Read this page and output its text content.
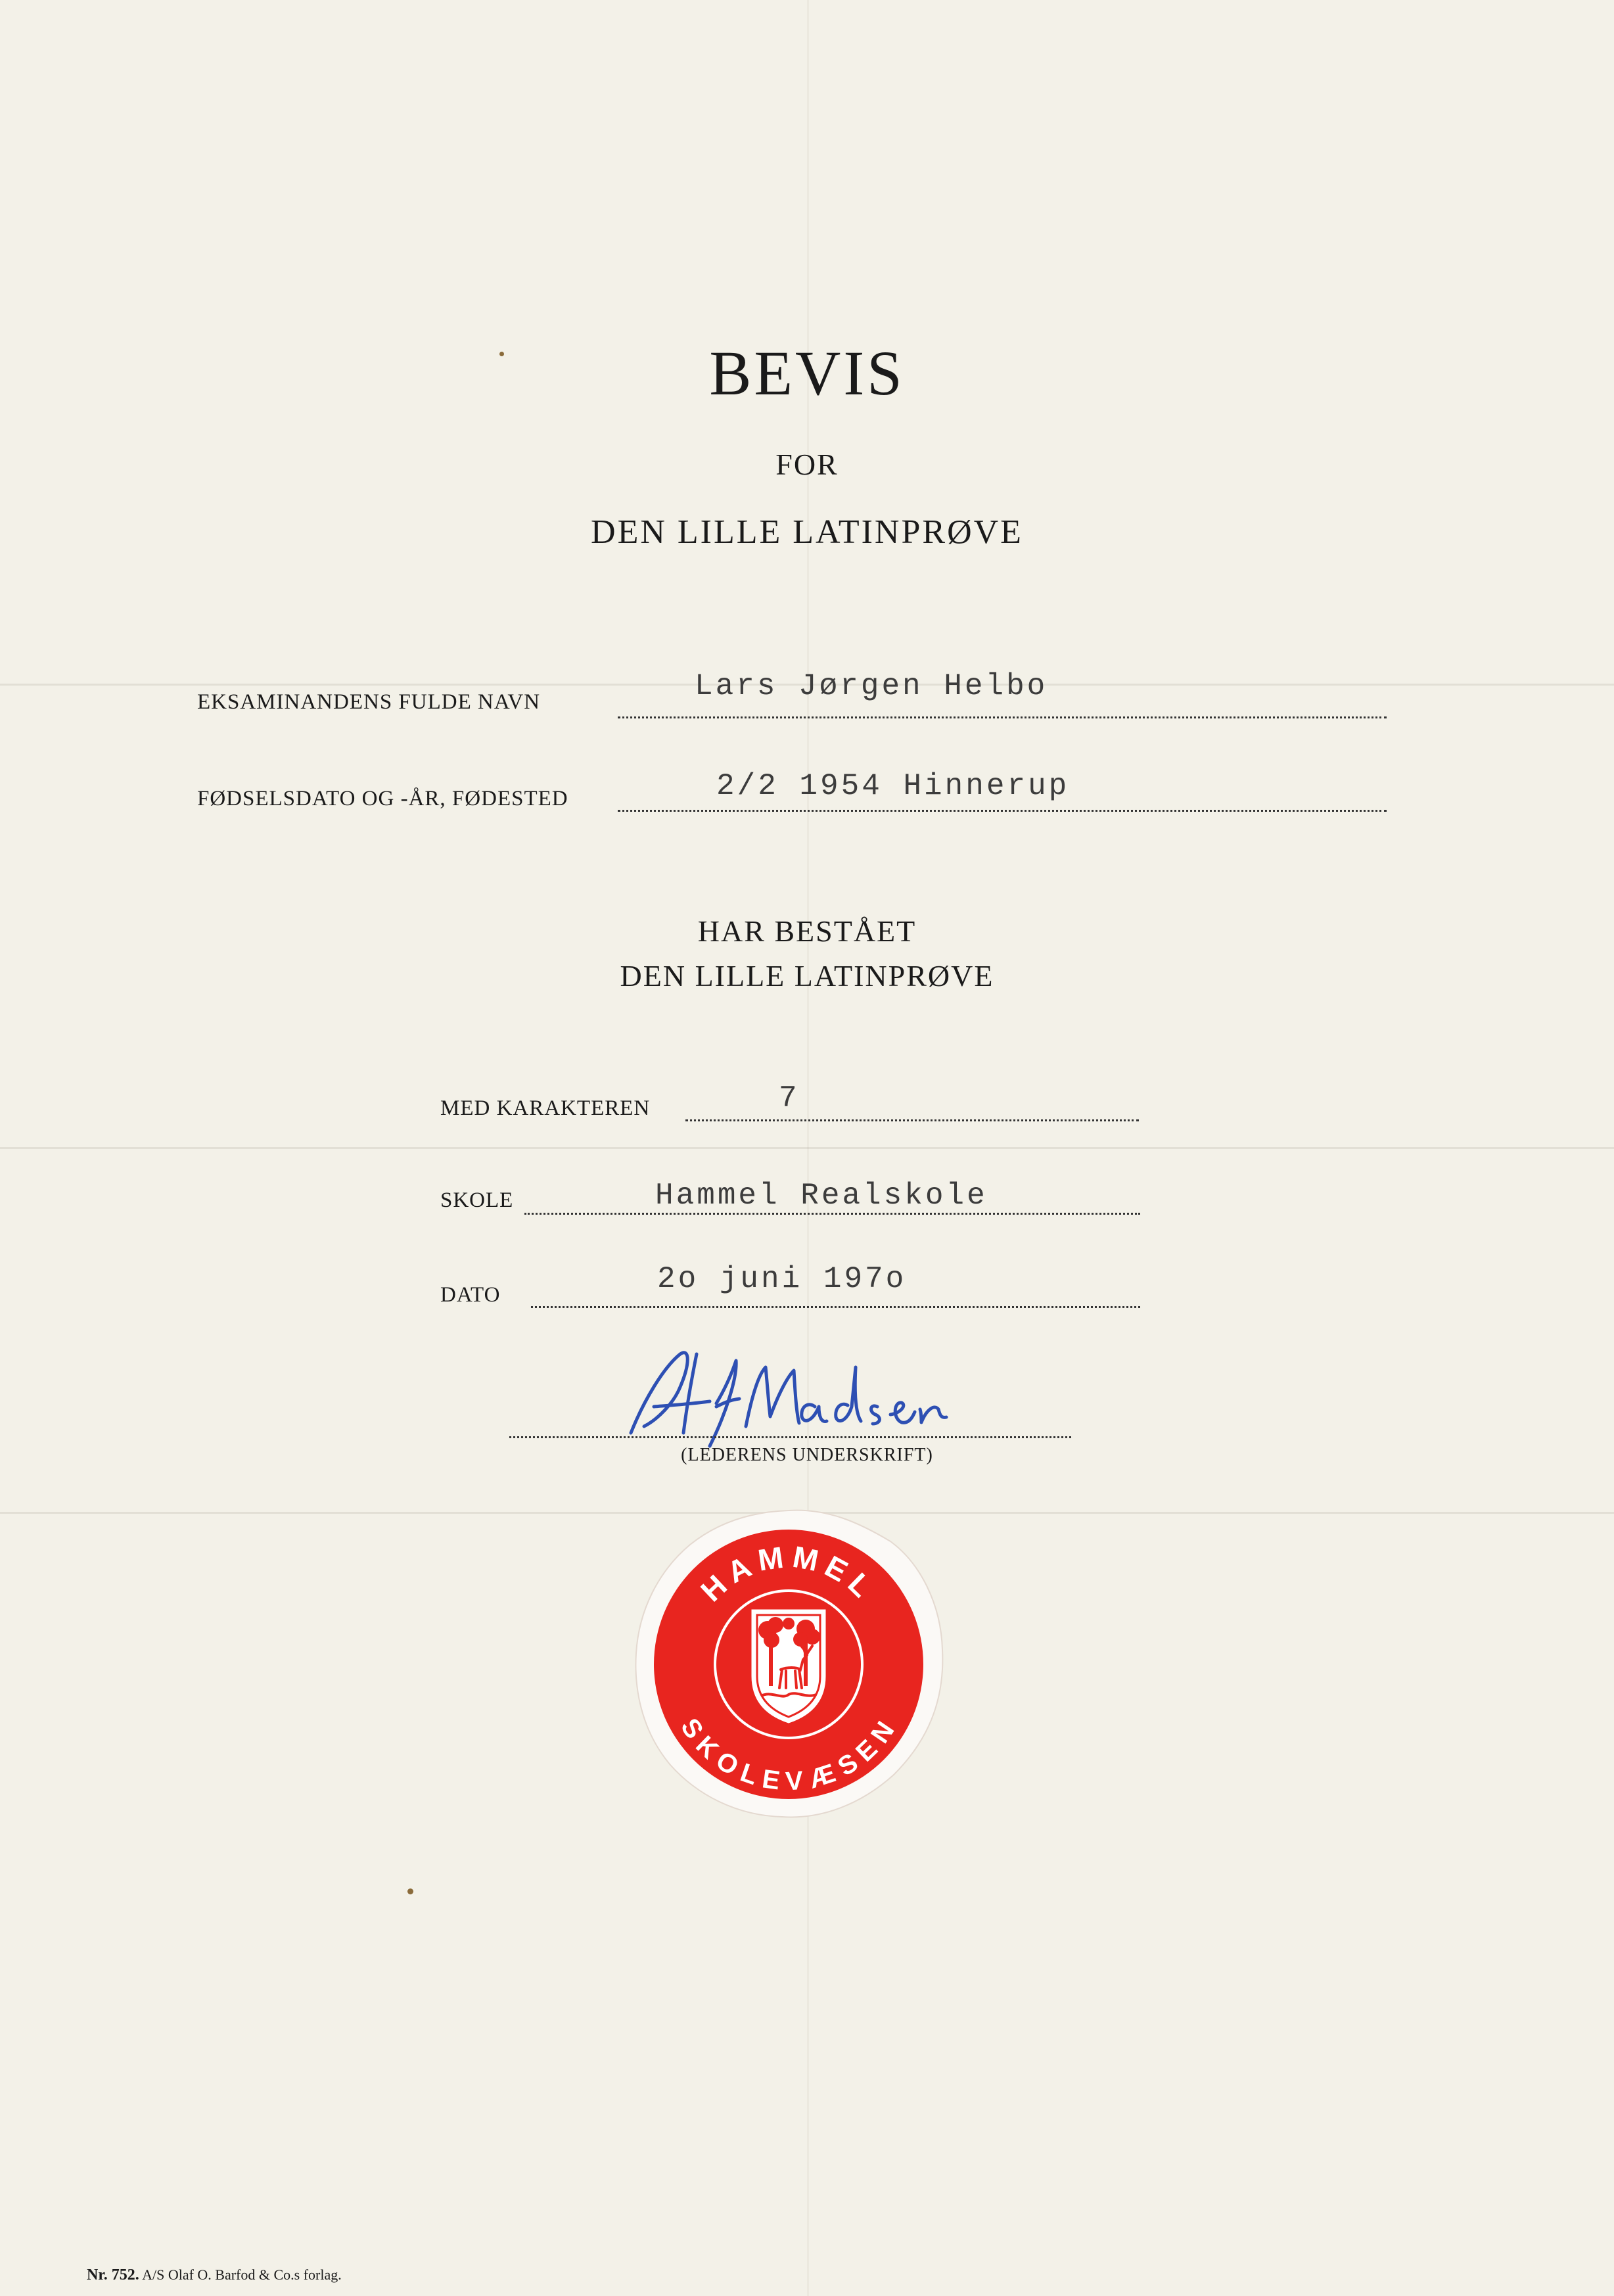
BEVIS
FOR
DEN LILLE LATINPRØVE
EKSAMINANDENS FULDE NAVN	Lars Jørgen Helbo
FØDSELSDATO OG -ÅR, FØDESTED	2/2 1954 Hinnerup
HAR BESTÅET
DEN LILLE LATINPRØVE
MED KARAKTEREN	7
SKOLE	Hammel Realskole
DATO	2o juni 197o
(LEDERENS UNDERSKRIFT)
HAMMEL
SKOLEVÆSEN
Nr. 752. A/S Olaf O. Barfod & Co.s forlag.
